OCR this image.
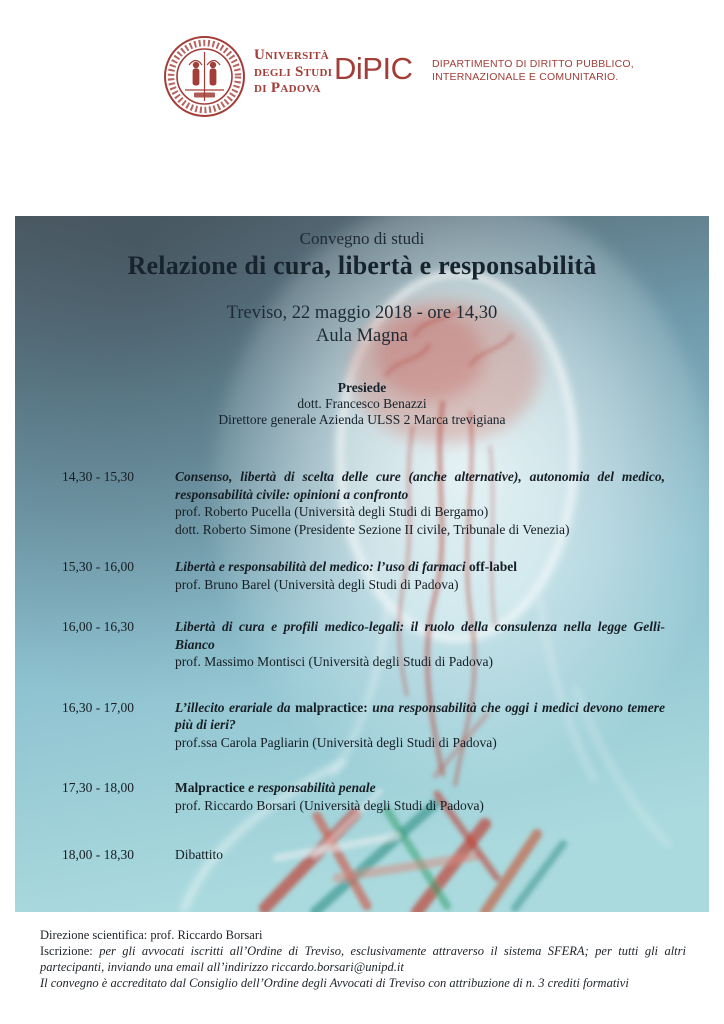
Università
degli Studi
di Padova
DiPIC DIPARTIMENTO DI DIRITTO PUBBLICO,
INTERNAZIONALE E COMUNITARIO.
Convegno di studi
Relazione di cura, libertà e responsabilità
Treviso, 22 maggio 2018 - ore 14,30
Aula Magna
Presiede
dott. Francesco Benazzi
Direttore generale Azienda ULSS 2 Marca trevigiana
14,30 - 15,30	Consenso, libertà di scelta delle cure (anche alternative), autonomia del medico, responsabilità civile: opinioni a confronto
prof. Roberto Pucella (Università degli Studi di Bergamo)
dott. Roberto Simone (Presidente Sezione II civile, Tribunale di Venezia)
15,30 - 16,00	Libertà e responsabilità del medico: l’uso di farmaci off-label
prof. Bruno Barel (Università degli Studi di Padova)
16,00 - 16,30	Libertà di cura e profili medico-legali: il ruolo della consulenza nella legge Gelli-Bianco
prof. Massimo Montisci (Università degli Studi di Padova)
16,30 - 17,00	L’illecito erariale da malpractice: una responsabilità che oggi i medici devono temere più di ieri?
prof.ssa Carola Pagliarin (Università degli Studi di Padova)
17,30 - 18,00	Malpractice e responsabilità penale
prof. Riccardo Borsari (Università degli Studi di Padova)
18,00 - 18,30	Dibattito
Direzione scientifica: prof. Riccardo Borsari
Iscrizione: per gli avvocati iscritti all’Ordine di Treviso, esclusivamente attraverso il sistema SFERA; per tutti gli altri partecipanti, inviando una email all’indirizzo riccardo.borsari@unipd.it
Il convegno è accreditato dal Consiglio dell’Ordine degli Avvocati di Treviso con attribuzione di n. 3 crediti formativi
